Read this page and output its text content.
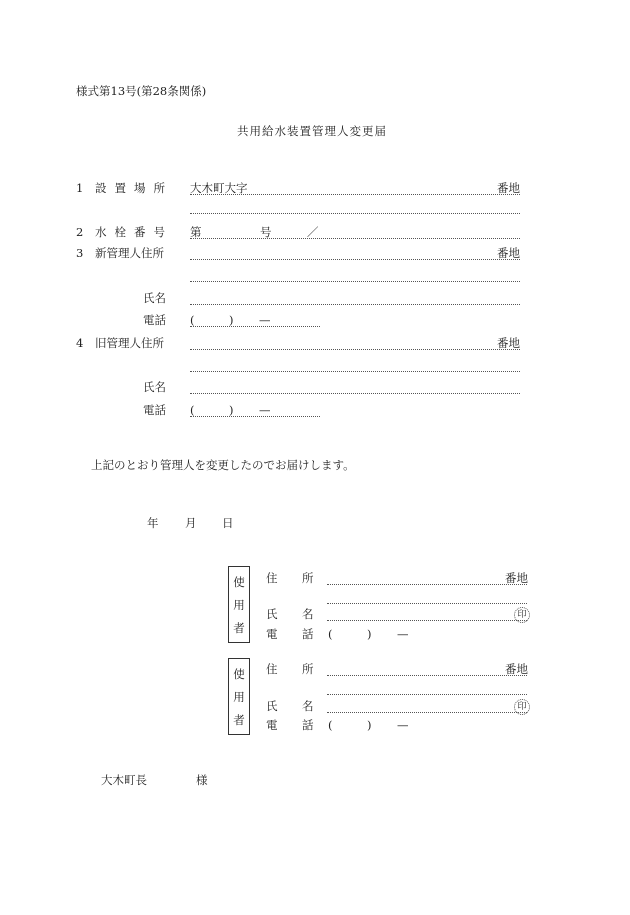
様式第13号(第28条関係)
共用給水装置管理人変更届
1 設置場所 大木町大字	番地
2 水栓番号 第	号	／
3 新管理人住所	番地
氏名
電話 (	) —
4 旧管理人住所	番地
氏名
電話 (	) —
上記のとおり管理人を変更したのでお届けします。
年 月 日
使
用
者
住 所	番地
氏 名	印
電 話 (	) —
使
用
者
住 所	番地
氏 名	印
電 話 (	) —
大木町長	様
